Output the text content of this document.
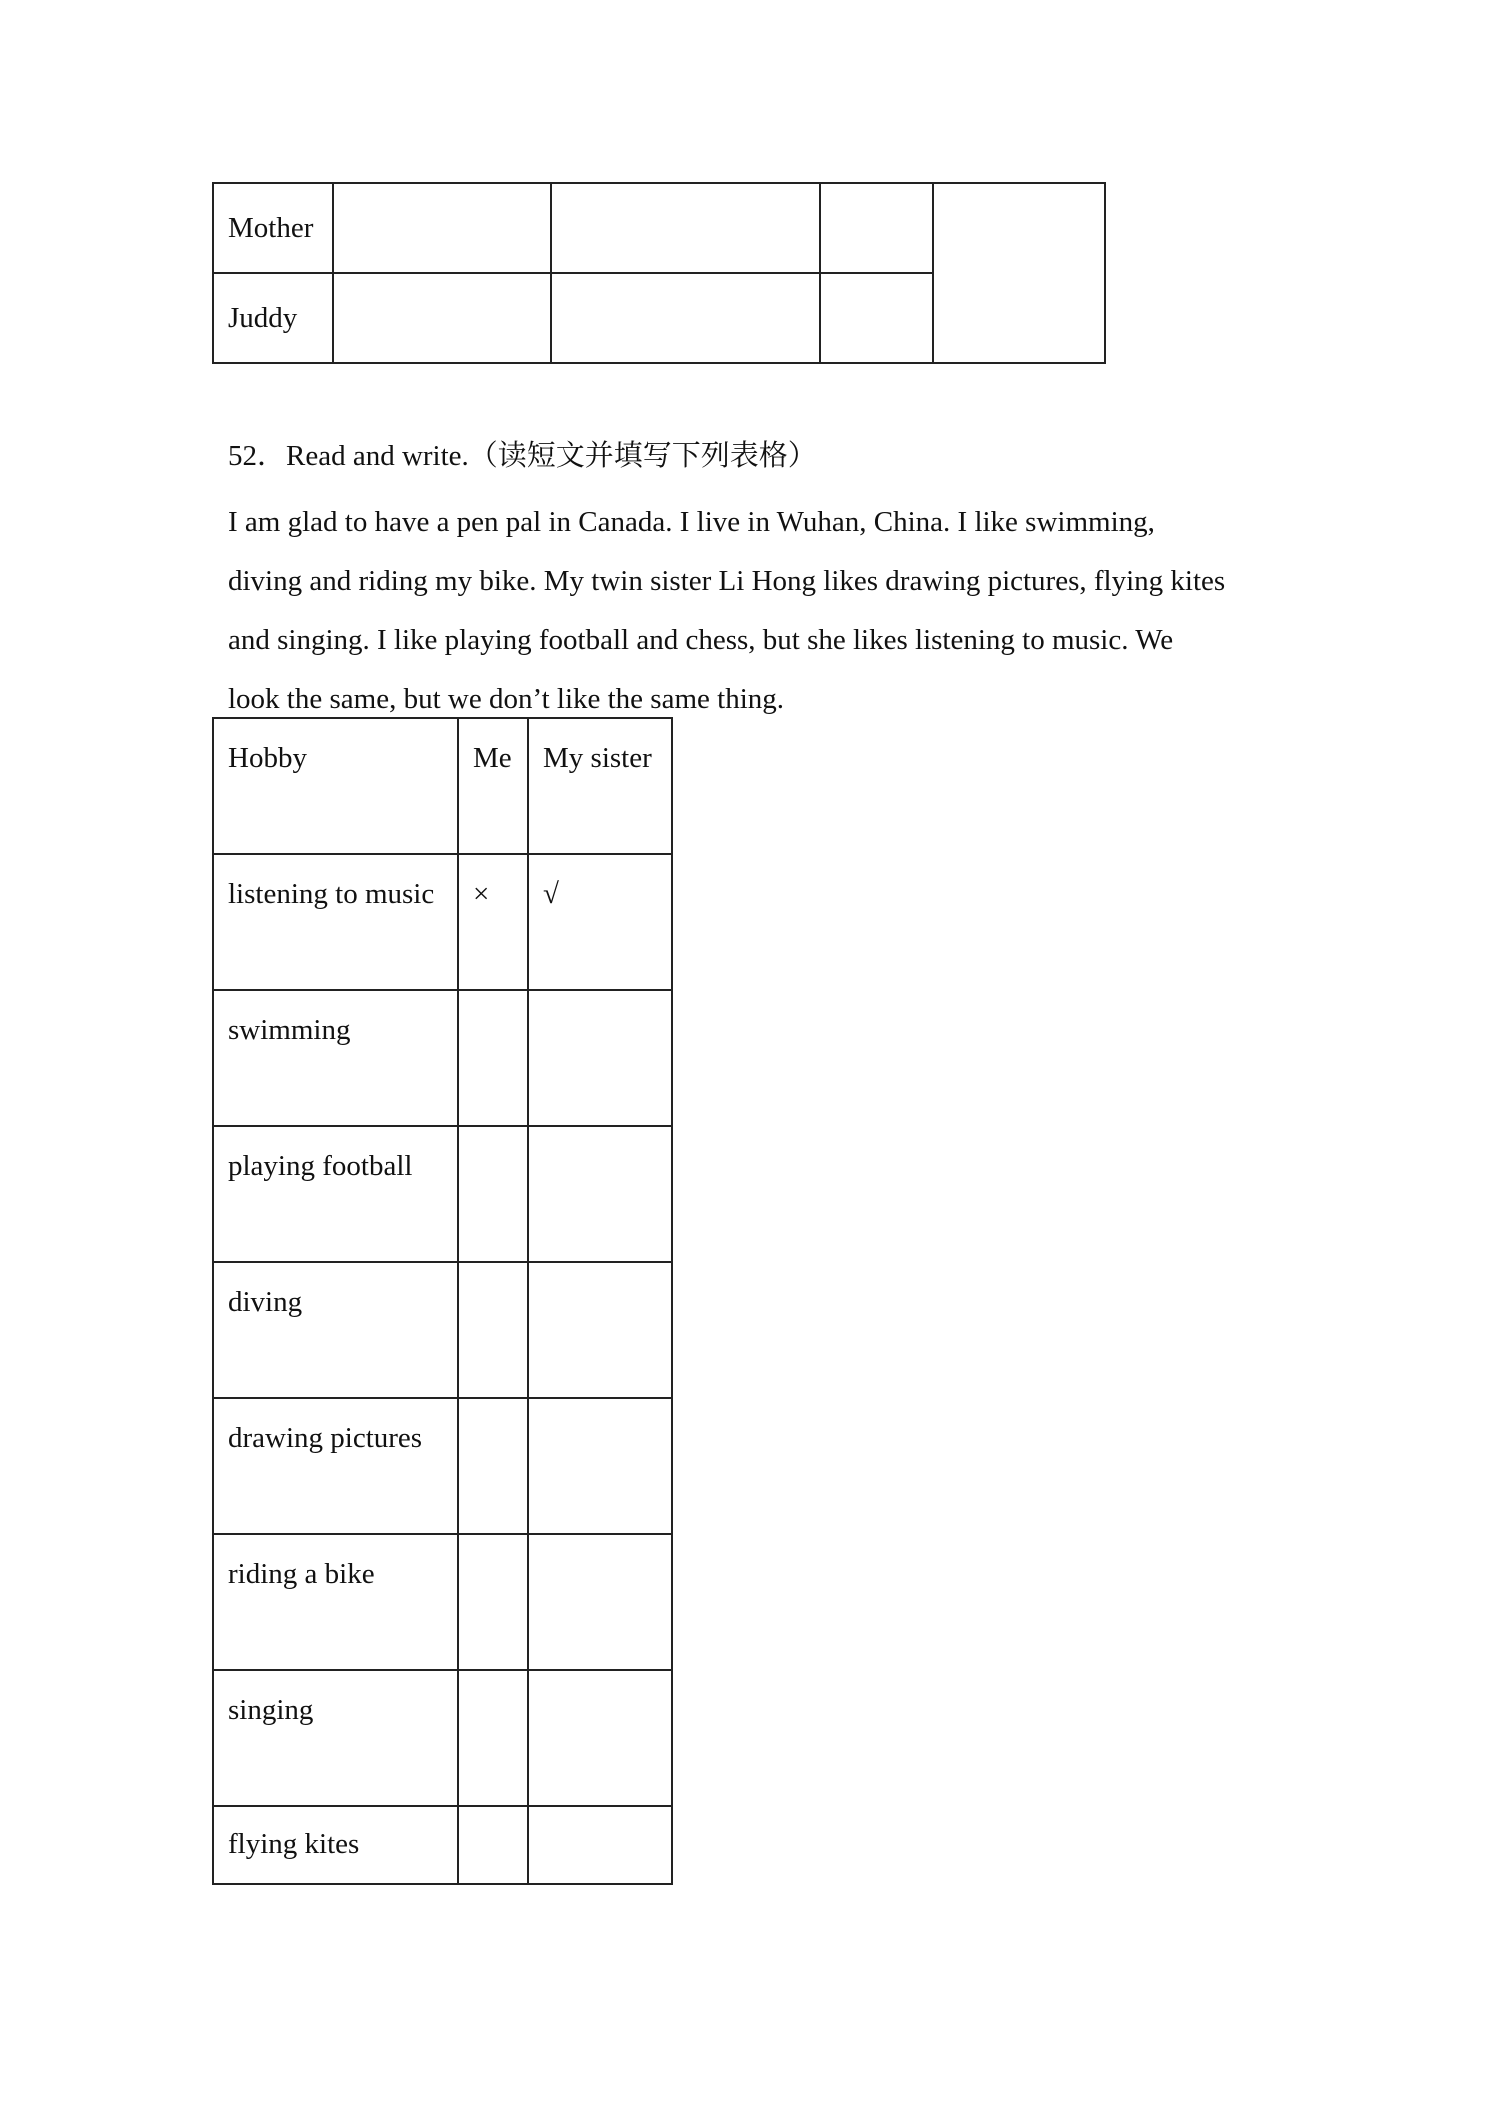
Mother				
Juddy				
52．Read and write.（读短文并填写下列表格）
I am glad to have a pen pal in Canada. I live in Wuhan, China. I like swimming,
diving and riding my bike. My twin sister Li Hong likes drawing pictures, flying kites
and singing. I like playing football and chess, but she likes listening to music. We
look the same, but we don’t like the same thing.
Hobby	Me	My sister
listening to music	×	√
swimming		
playing football		
diving		
drawing pictures		
riding a bike		
singing		
flying kites		
